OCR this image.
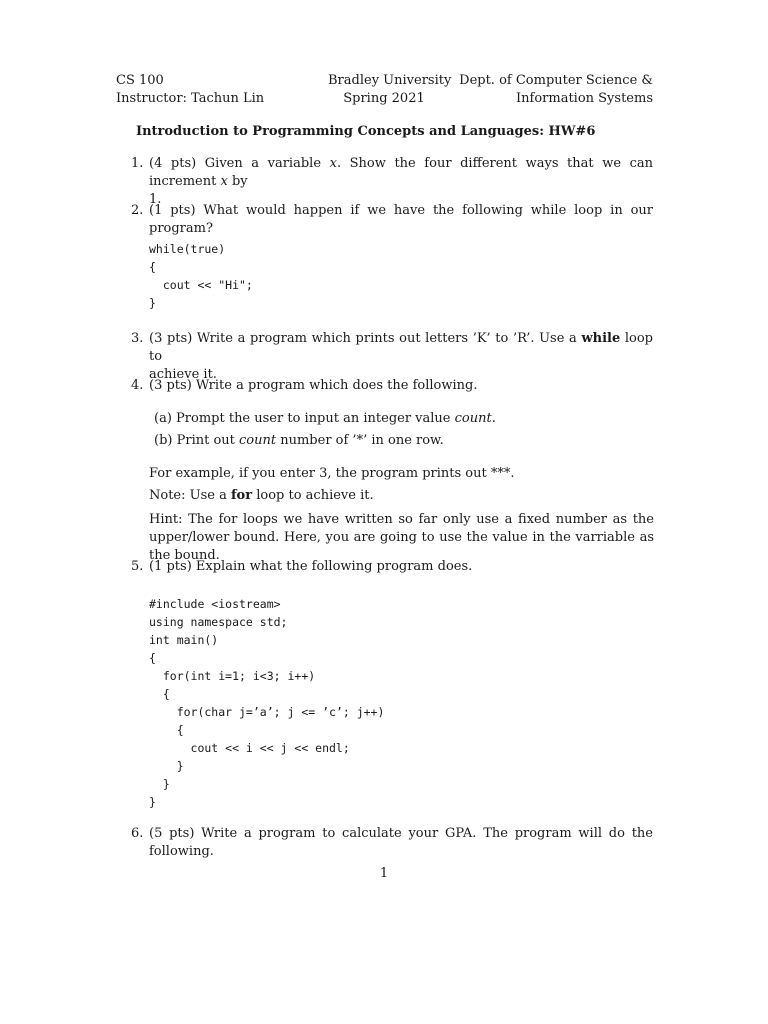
CS 100
Instructor: Tachun Lin
Bradley University
Spring 2021
Dept. of Computer Science &
Information Systems
Introduction to Programming Concepts and Languages: HW#6
1. (4 pts) Given a variable x. Show the four different ways that we can increment x by
1.
2. (1 pts) What would happen if we have the following while loop in our program?
while(true)
{
cout << "Hi";
}
3. (3 pts) Write a program which prints out letters ’K’ to ’R’. Use a while loop to
achieve it.
4. (3 pts) Write a program which does the following.
(a) Prompt the user to input an integer value count.
(b) Print out count number of ’*’ in one row.
For example, if you enter 3, the program prints out ***.
Note: Use a for loop to achieve it.
Hint: The for loops we have written so far only use a fixed number as the upper/lower bound. Here, you are going to use the value in the varriable as the bound.
5. (1 pts) Explain what the following program does.
#include <iostream>
using namespace std;
int main()
{
for(int i=1; i<3; i++)
{
for(char j=’a’; j <= ’c’; j++)
{
cout << i << j << endl;
}
}
}
6. (5 pts) Write a program to calculate your GPA. The program will do the following.
1
